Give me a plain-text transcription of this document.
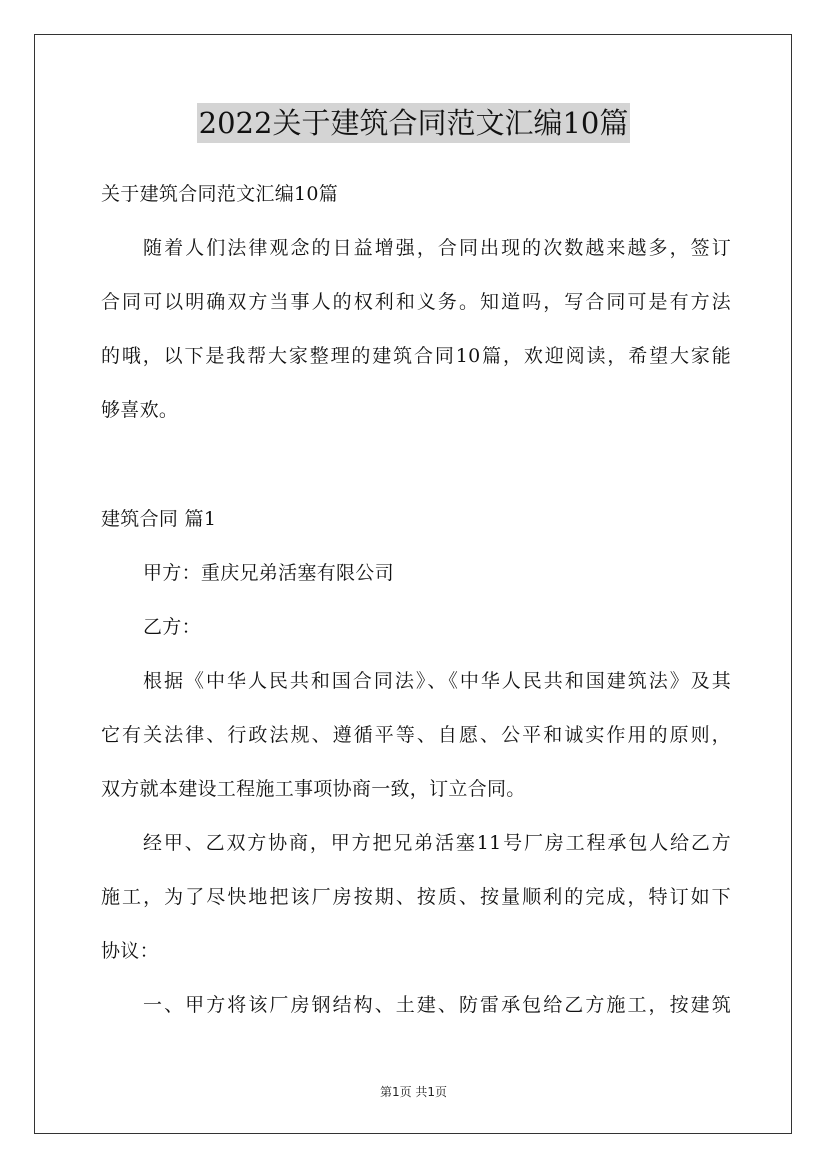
2022关于建筑合同范文汇编10篇
关于建筑合同范文汇编10篇
随着人们法律观念的日益增强，合同出现的次数越来越多，签订
合同可以明确双方当事人的权利和义务。知道吗，写合同可是有方法
的哦，以下是我帮大家整理的建筑合同10篇，欢迎阅读，希望大家能
够喜欢。
建筑合同 篇1
甲方：重庆兄弟活塞有限公司
乙方：
根据《中华人民共和国合同法》、《中华人民共和国建筑法》及其
它有关法律、行政法规、遵循平等、自愿、公平和诚实作用的原则，
双方就本建设工程施工事项协商一致，订立合同。
经甲、乙双方协商，甲方把兄弟活塞11号厂房工程承包人给乙方
施工，为了尽快地把该厂房按期、按质、按量顺利的完成，特订如下
协议：
一、甲方将该厂房钢结构、土建、防雷承包给乙方施工，按建筑
第1页 共1页
